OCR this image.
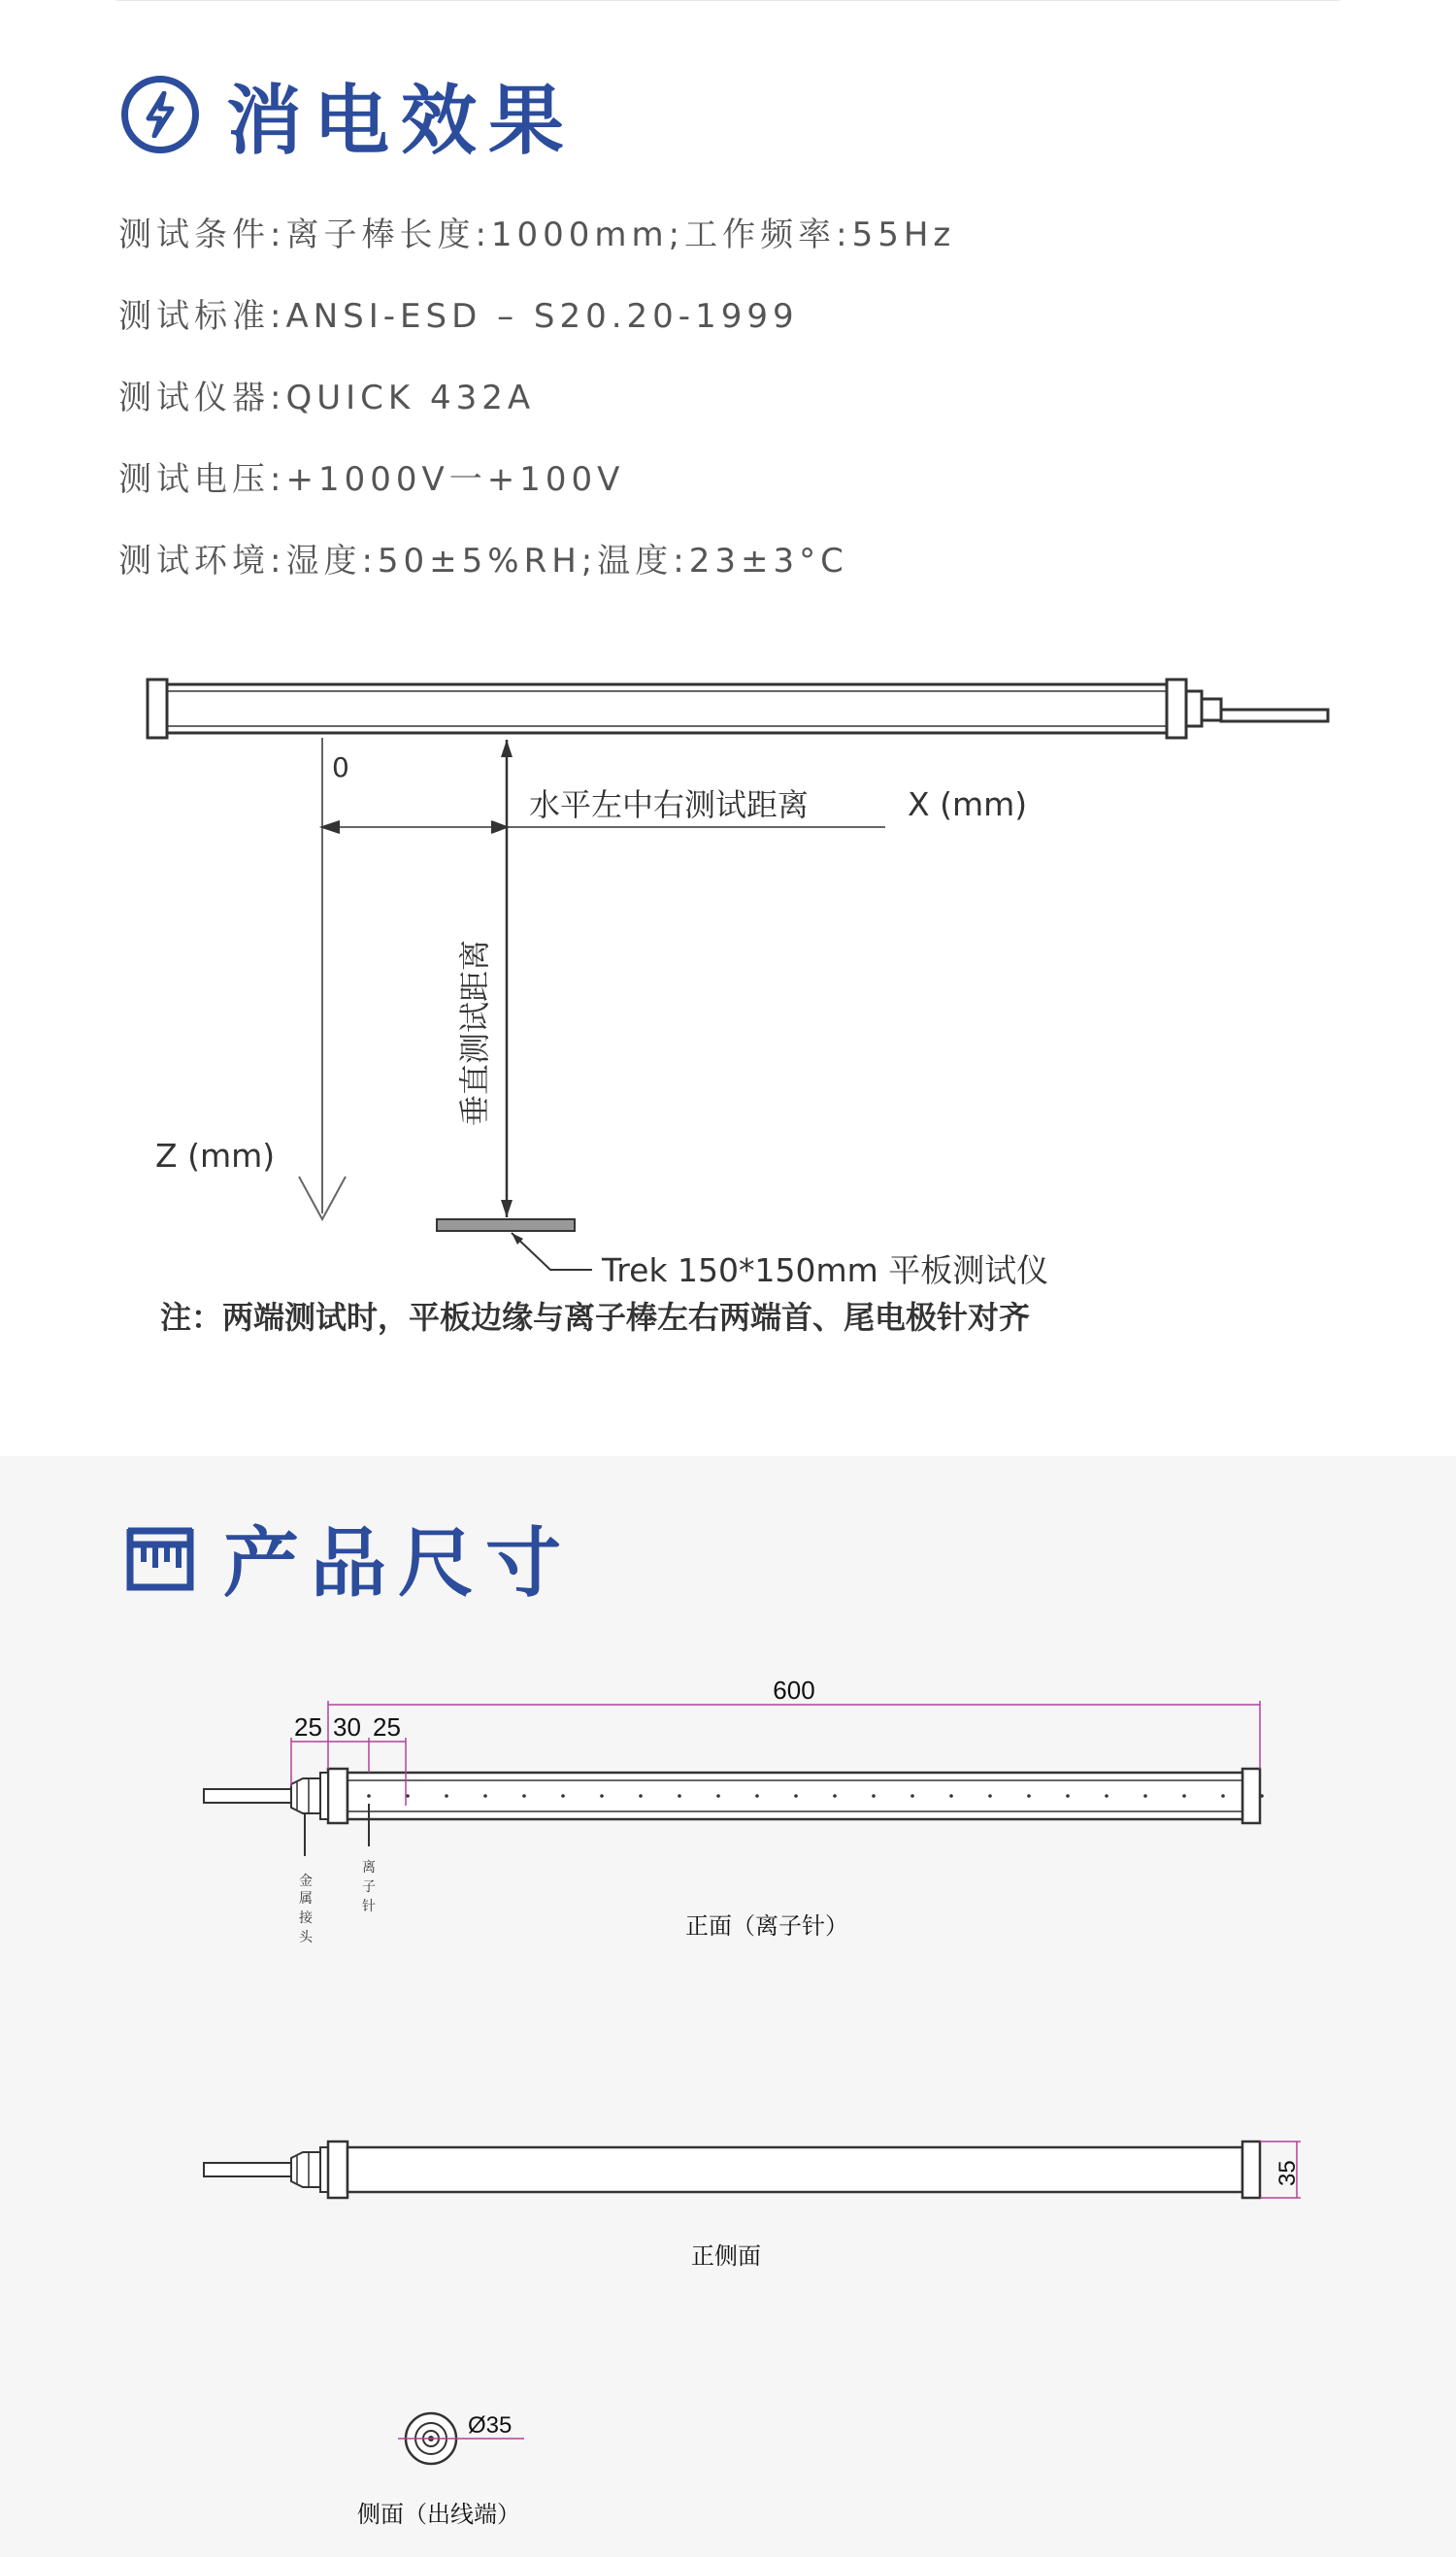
消电效果
测试条件:离子棒长度:1000mm;工作频率:55Hz
测试标准:ANSI-ESD – S20.20-1999
测试仪器:QUICK 432A
测试电压:+1000V一+100V
测试环境:湿度:50±5%RH;温度:23±3°C
0
Z (mm)
水平左中右测试距离	X (mm)
垂直测试距离
Trek 150*150mm 平板测试仪
注：两端测试时，平板边缘与离子棒左右两端首、尾电极针对齐
产品尺寸
600
25 30 25
金
属
接
头
离
子
针
正面（离子针）
35
正侧面
Ø35
侧面（出线端）
